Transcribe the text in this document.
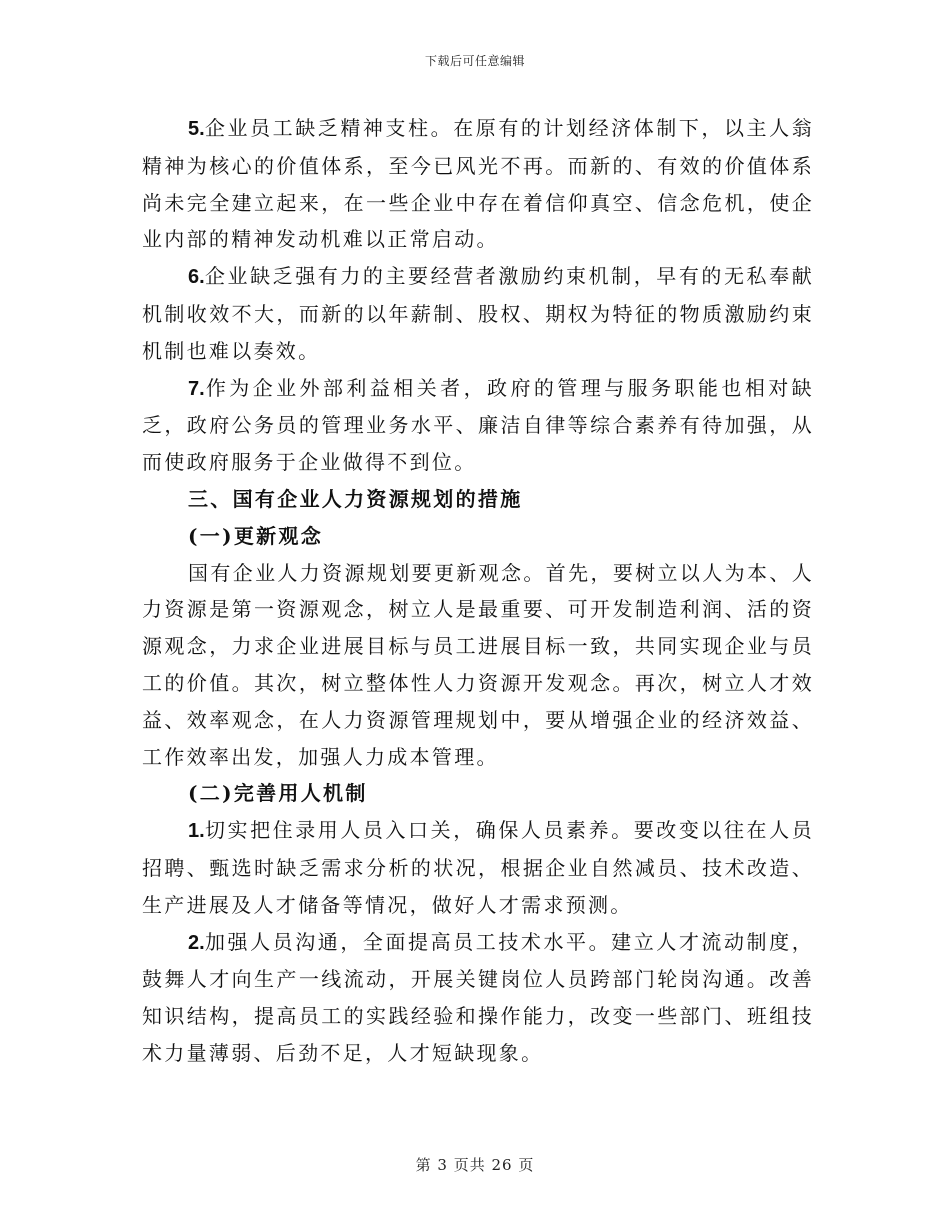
下载后可任意编辑

5.企业员工缺乏精神支柱。在原有的计划经济体制下，以主人翁精神为核心的价值体系，至今已风光不再。而新的、有效的价值体系尚未完全建立起来，在一些企业中存在着信仰真空、信念危机，使企业内部的精神发动机难以正常启动。

6.企业缺乏强有力的主要经营者激励约束机制，早有的无私奉献机制收效不大，而新的以年薪制、股权、期权为特征的物质激励约束机制也难以奏效。

7.作为企业外部利益相关者，政府的管理与服务职能也相对缺乏，政府公务员的管理业务水平、廉洁自律等综合素养有待加强，从而使政府服务于企业做得不到位。

三、国有企业人力资源规划的措施

(一)更新观念

国有企业人力资源规划要更新观念。首先，要树立以人为本、人力资源是第一资源观念，树立人是最重要、可开发制造利润、活的资源观念，力求企业进展目标与员工进展目标一致，共同实现企业与员工的价值。其次，树立整体性人力资源开发观念。再次，树立人才效益、效率观念，在人力资源管理规划中，要从增强企业的经济效益、工作效率出发，加强人力成本管理。

(二)完善用人机制

1.切实把住录用人员入口关，确保人员素养。要改变以往在人员招聘、甄选时缺乏需求分析的状况，根据企业自然减员、技术改造、生产进展及人才储备等情况，做好人才需求预测。

2.加强人员沟通，全面提高员工技术水平。建立人才流动制度，鼓舞人才向生产一线流动，开展关键岗位人员跨部门轮岗沟通。改善知识结构，提高员工的实践经验和操作能力，改变一些部门、班组技术力量薄弱、后劲不足，人才短缺现象。

第 3 页共 26 页
